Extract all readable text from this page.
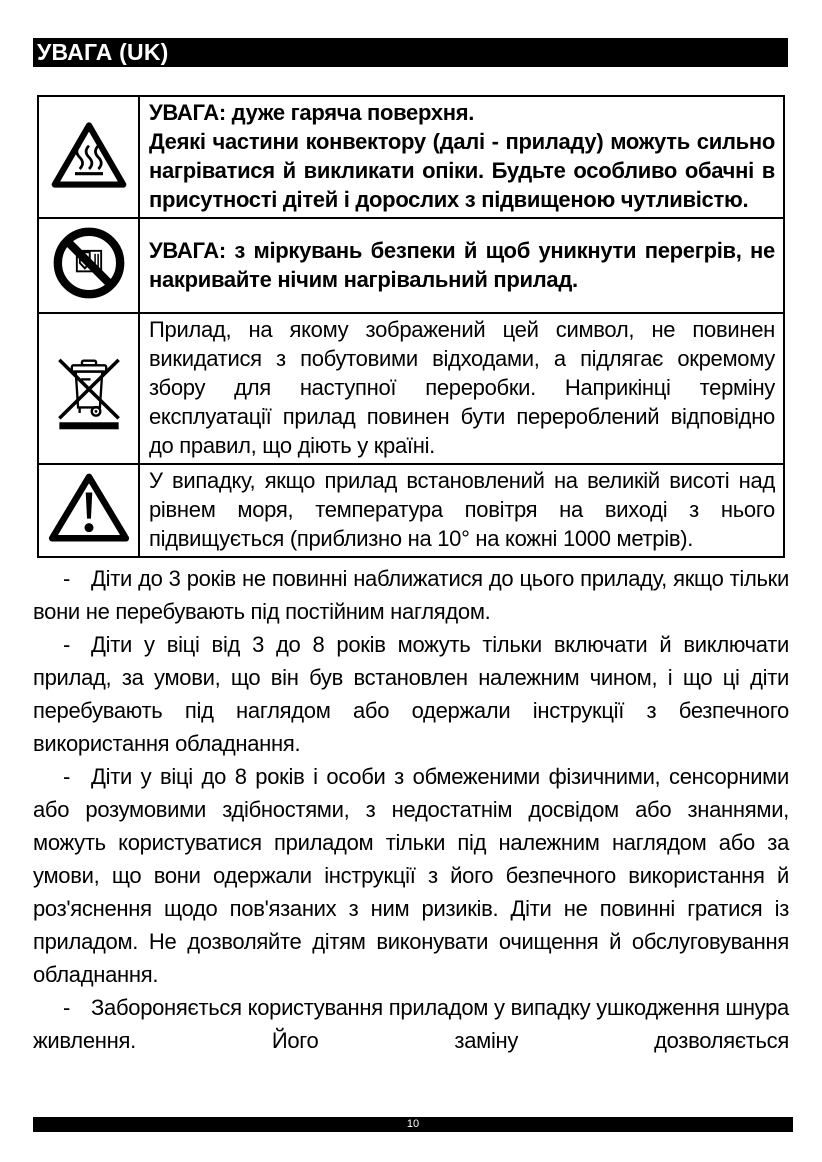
УВАГА (UK)

УВАГА: дуже гаряча поверхня.
Деякі частини конвектору (далі - приладу) можуть сильно нагріватися й викликати опіки. Будьте особливо обачні в присутності дітей і дорослих з підвищеною чутливістю.

УВАГА: з міркувань безпеки й щоб уникнути перегрів, не накривайте нічим нагрівальний прилад.

Прилад, на якому зображений цей символ, не повинен викидатися з побутовими відходами, а підлягає окремому збору для наступної переробки. Наприкінці терміну експлуатації прилад повинен бути перероблений відповідно до правил, що діють у країні.

У випадку, якщо прилад встановлений на великій висоті над рівнем моря, температура повітря на виході з нього підвищується (приблизно на 10° на кожні 1000 метрів).

- Діти до 3 років не повинні наближатися до цього приладу, якщо тільки вони не перебувають під постійним наглядом.

- Діти у віці від 3 до 8 років можуть тільки включати й виключати прилад, за умови, що він був встановлен належним чином, і що ці діти перебувають під наглядом або одержали інструкції з безпечного використання обладнання.

- Діти у віці до 8 років і особи з обмеженими фізичними, сенсорними або розумовими здібностями, з недостатнім досвідом або знаннями, можуть користуватися приладом тільки під належним наглядом або за умови, що вони одержали інструкції з його безпечного використання й роз'яснення щодо пов'язаних з ним ризиків. Діти не повинні гратися із приладом. Не дозволяйте дітям виконувати очищення й обслуговування обладнання.

- Забороняється користування приладом у випадку ушкодження шнура живлення. Його заміну дозволяється

10
